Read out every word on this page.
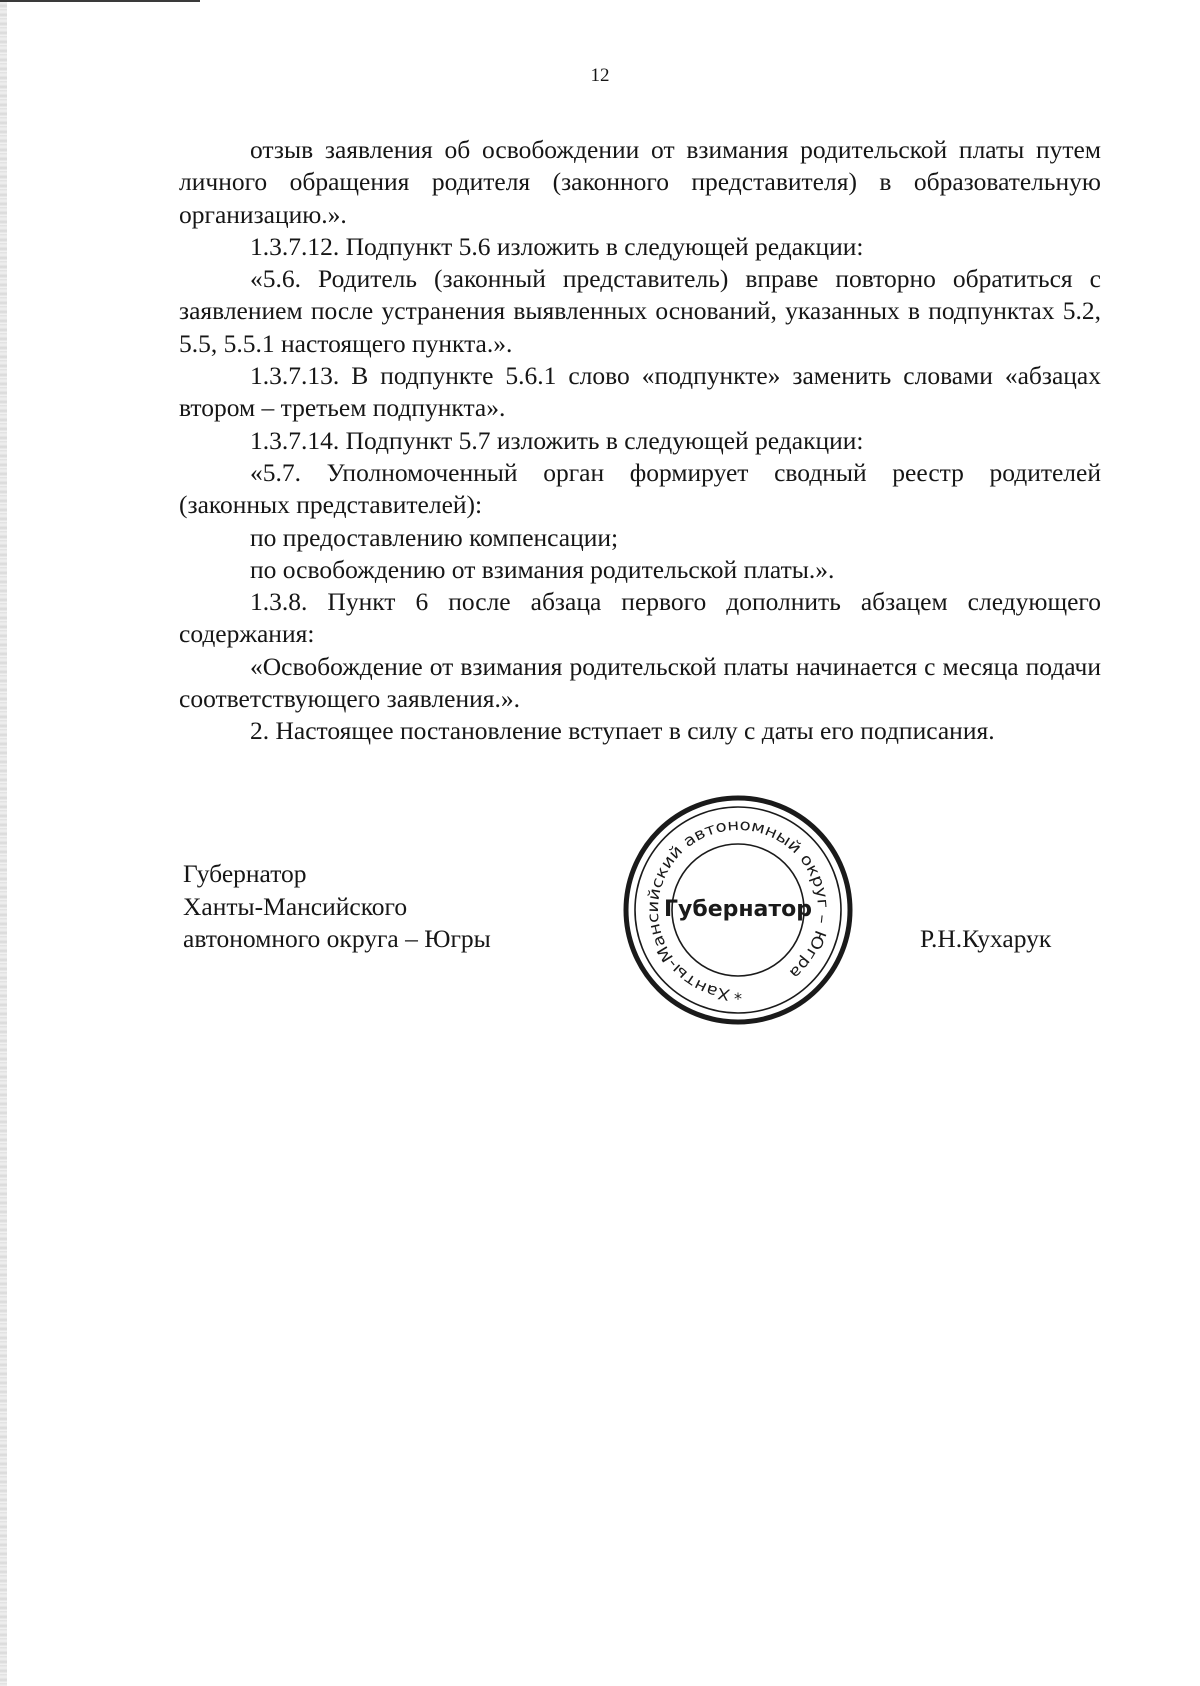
12

отзыв заявления об освобождении от взимания родительской платы путем личного обращения родителя (законного представителя) в образовательную организацию.».

1.3.7.12. Подпункт 5.6 изложить в следующей редакции:

«5.6. Родитель (законный представитель) вправе повторно обратиться с заявлением после устранения выявленных оснований, указанных в подпунктах 5.2, 5.5, 5.5.1 настоящего пункта.».

1.3.7.13. В подпункте 5.6.1 слово «подпункте» заменить словами «абзацах втором – третьем подпункта».

1.3.7.14. Подпункт 5.7 изложить в следующей редакции:

«5.7. Уполномоченный орган формирует сводный реестр родителей (законных представителей):

по предоставлению компенсации;

по освобождению от взимания родительской платы.».

1.3.8. Пункт 6 после абзаца первого дополнить абзацем следующего содержания:

«Освобождение от взимания родительской платы начинается с месяца подачи соответствующего заявления.».

2. Настоящее постановление вступает в силу с даты его подписания.

Губернатор
Ханты-Мансийского
автономного округа – Югры	Р.Н.Кухарук
Ханты-Мансийский автономный округ – Югра
Губернатор
*
